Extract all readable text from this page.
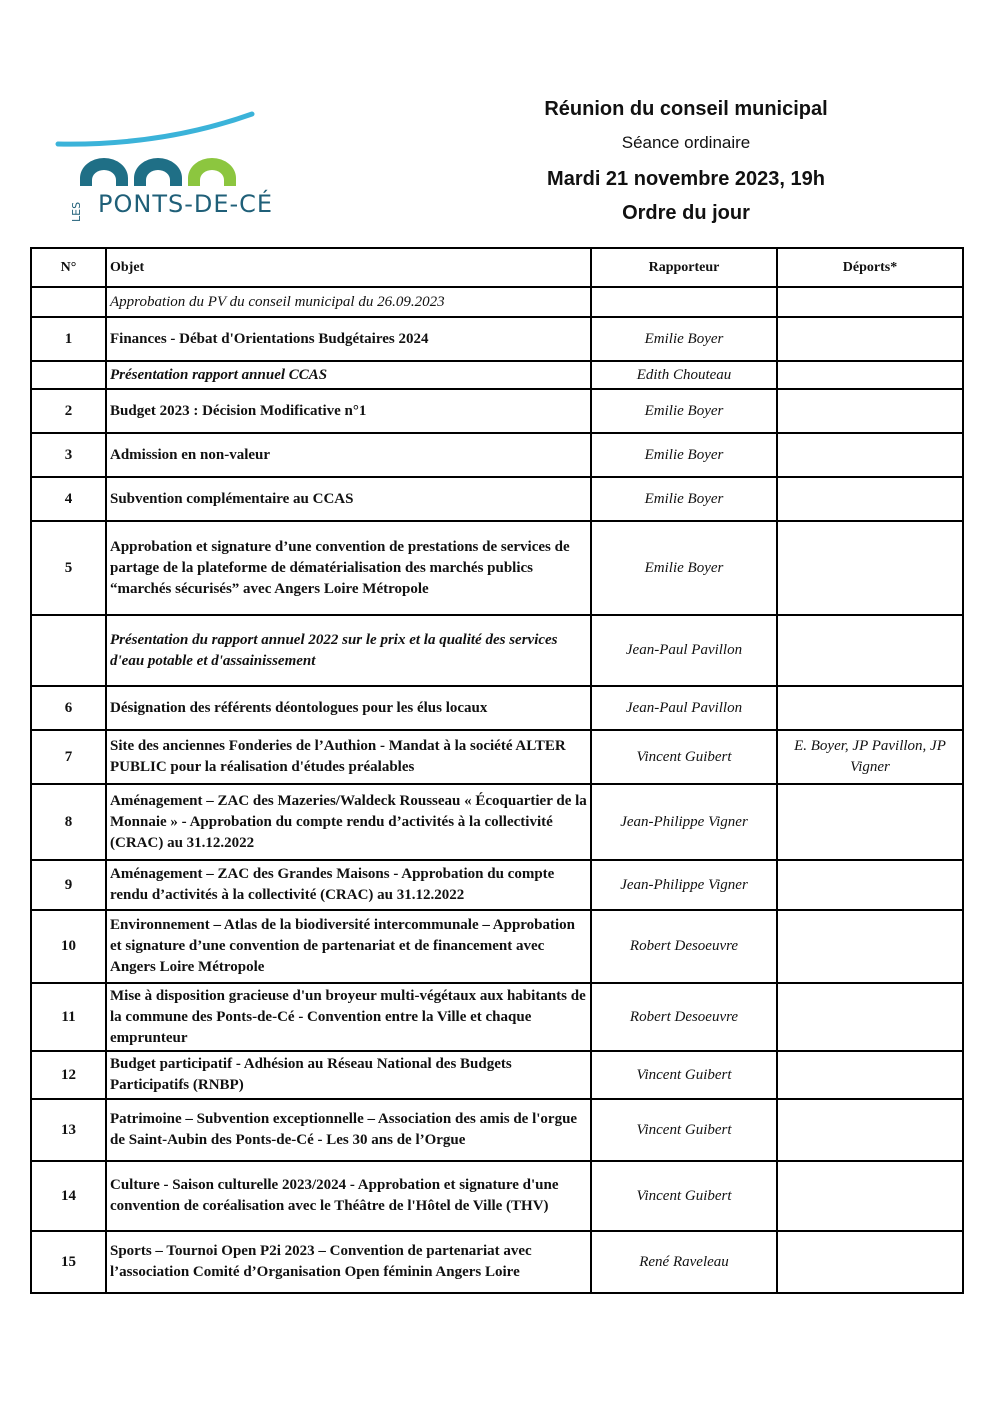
LES PONTS-DE-CÉ
Réunion du conseil municipal
Séance ordinaire
Mardi 21 novembre 2023, 19h
Ordre du jour
N°	Objet	Rapporteur	Déports*
	Approbation du PV du conseil municipal du 26.09.2023		
1	Finances - Débat d'Orientations Budgétaires 2024	Emilie Boyer	
	Présentation rapport annuel CCAS	Edith Chouteau	
2	Budget 2023 : Décision Modificative n°1	Emilie Boyer	
3	Admission en non-valeur	Emilie Boyer	
4	Subvention complémentaire au CCAS	Emilie Boyer	
5	Approbation et signature d’une convention de prestations de services de partage de la plateforme de dématérialisation des marchés publics “marchés sécurisés” avec Angers Loire Métropole	Emilie Boyer	
	Présentation du rapport annuel 2022 sur le prix et la qualité des services d'eau potable et d'assainissement	Jean-Paul Pavillon	
6	Désignation des référents déontologues pour les élus locaux	Jean-Paul Pavillon	
7	Site des anciennes Fonderies de l’Authion - Mandat à la société ALTER PUBLIC pour la réalisation d'études préalables	Vincent Guibert	E. Boyer, JP Pavillon, JP Vigner
8	Aménagement – ZAC des Mazeries/Waldeck Rousseau « Écoquartier de la Monnaie » - Approbation du compte rendu d’activités à la collectivité (CRAC) au 31.12.2022	Jean-Philippe Vigner	
9	Aménagement – ZAC des Grandes Maisons - Approbation du compte rendu d’activités à la collectivité (CRAC) au 31.12.2022	Jean-Philippe Vigner	
10	Environnement – Atlas de la biodiversité intercommunale – Approbation et signature d’une convention de partenariat et de financement avec Angers Loire Métropole	Robert Desoeuvre	
11	Mise à disposition gracieuse d'un broyeur multi-végétaux aux habitants de la commune des Ponts-de-Cé - Convention entre la Ville et chaque emprunteur	Robert Desoeuvre	
12	Budget participatif - Adhésion au Réseau National des Budgets Participatifs (RNBP)	Vincent Guibert	
13	Patrimoine – Subvention exceptionnelle – Association des amis de l'orgue de Saint-Aubin des Ponts-de-Cé - Les 30 ans de l’Orgue	Vincent Guibert	
14	Culture - Saison culturelle 2023/2024 - Approbation et signature d'une convention de coréalisation avec le Théâtre de l'Hôtel de Ville (THV)	Vincent Guibert	
15	Sports – Tournoi Open P2i 2023 – Convention de partenariat avec l’association Comité d’Organisation Open féminin Angers Loire	René Raveleau	
